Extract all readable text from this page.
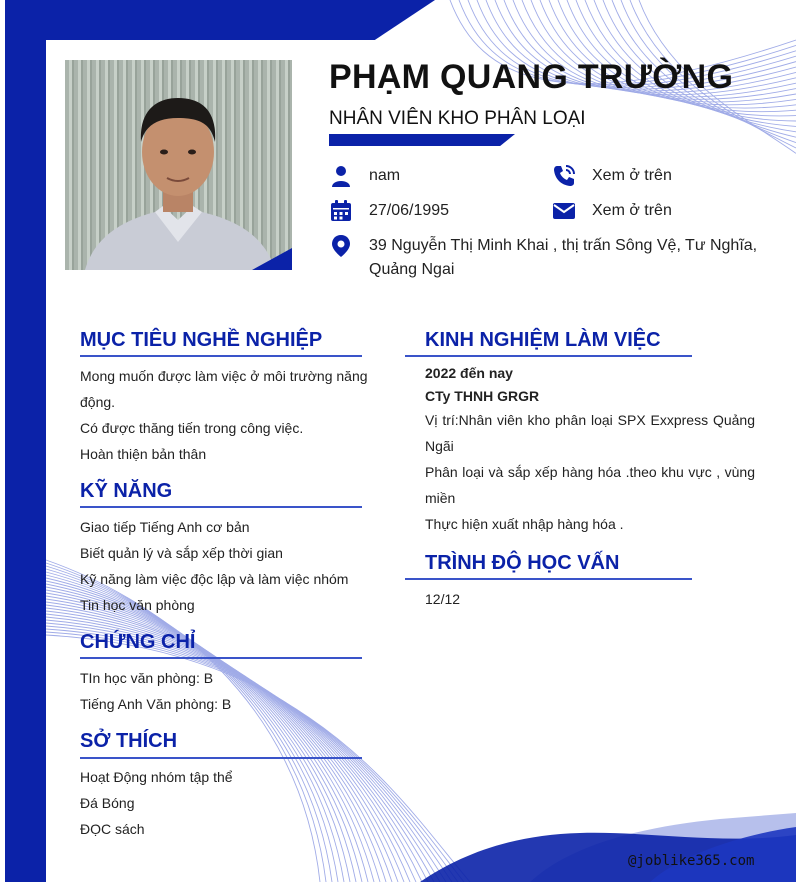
PHẠM QUANG TRƯỜNG
NHÂN VIÊN KHO PHÂN LOẠI
nam	Xem ở trên
27/06/1995	Xem ở trên
39 Nguyễn Thị Minh Khai , thị trấn Sông Vệ, Tư Nghĩa, Quảng Ngai
MỤC TIÊU NGHỀ NGHIỆP

Mong muốn được làm việc ở môi trường năng động.

Có được thăng tiến trong công việc.

Hoàn thiện bản thân

KỸ NĂNG

Giao tiếp Tiếng Anh cơ bản

Biết quản lý và sắp xếp thời gian

Kỹ năng làm việc độc lập và làm việc nhóm

Tin học văn phòng

CHỨNG CHỈ

TIn học văn phòng: B

Tiếng Anh Văn phòng: B

SỞ THÍCH

Hoạt Động nhóm tập thể

Đá Bóng

ĐỌC sách

KINH NGHIỆM LÀM VIỆC

2022 đến nay

CTy THNH GRGR

Vị trí:Nhân viên kho phân loại SPX Exxpress Quảng Ngãi

Phân loại và sắp xếp hàng hóa .theo khu vực , vùng miền

Thực hiện xuất nhập hàng hóa .

TRÌNH ĐỘ HỌC VẤN

12/12

@joblike365.com
